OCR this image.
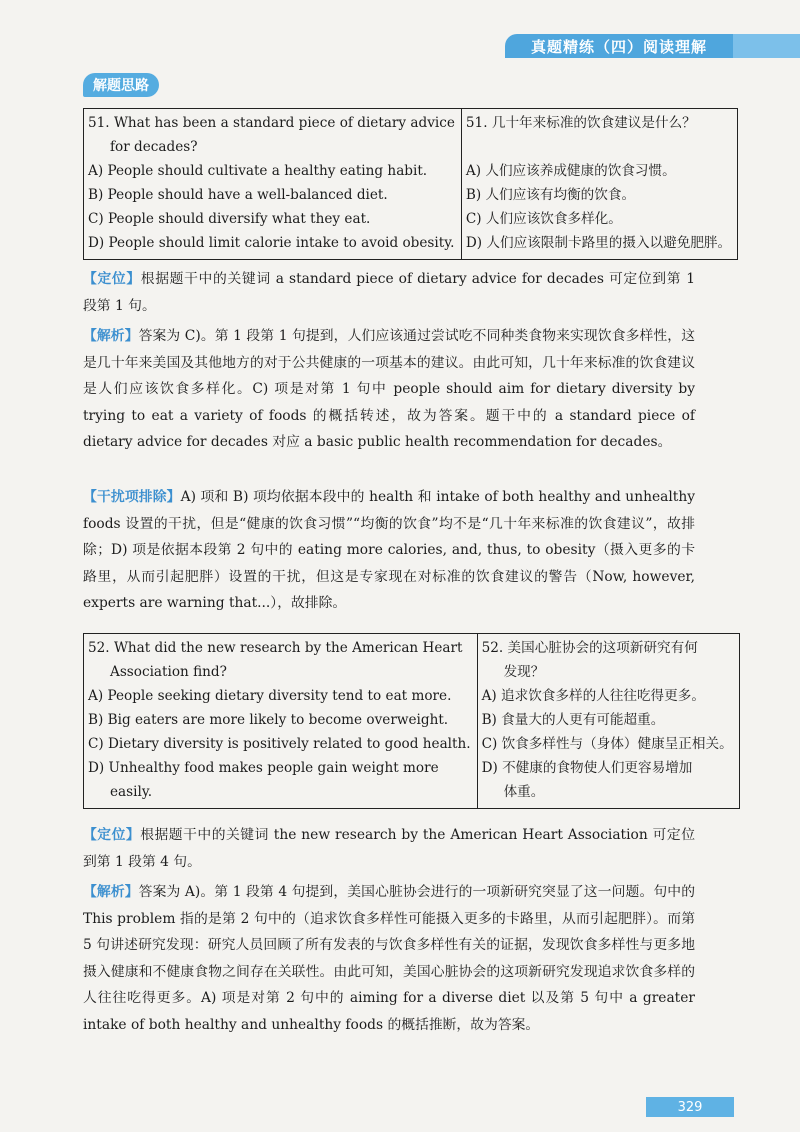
真题精练（四）阅读理解
解题思路
51. What has been a standard piece of dietary advice
for decades?
A) People should cultivate a healthy eating habit.
B) People should have a well-balanced diet.
C) People should diversify what they eat.
D) People should limit calorie intake to avoid obesity.

51. 几十年来标准的饮食建议是什么？

A) 人们应该养成健康的饮食习惯。
B) 人们应该有均衡的饮食。
C) 人们应该饮食多样化。
D) 人们应该限制卡路里的摄入以避免肥胖。
【定位】根据题干中的关键词 a standard piece of dietary advice for decades 可定位到第 1 段第 1 句。
【解析】答案为 C)。第 1 段第 1 句提到，人们应该通过尝试吃不同种类食物来实现饮食多样性，这是几十年来美国及其他地方的对于公共健康的一项基本的建议。由此可知，几十年来标准的饮食建议是人们应该饮食多样化。C) 项是对第 1 句中 people should aim for dietary diversity by trying to eat a variety of foods 的概括转述，故为答案。题干中的 a standard piece of dietary advice for decades 对应 a basic public health recommendation for decades。
【干扰项排除】A) 项和 B) 项均依据本段中的 health 和 intake of both healthy and unhealthy foods 设置的干扰，但是“健康的饮食习惯”“均衡的饮食”均不是“几十年来标准的饮食建议”，故排除；D) 项是依据本段第 2 句中的 eating more calories, and, thus, to obesity（摄入更多的卡路里，从而引起肥胖）设置的干扰，但这是专家现在对标准的饮食建议的警告（Now, however, experts are warning that...），故排除。
52. What did the new research by the American Heart
Association find?
A) People seeking dietary diversity tend to eat more.
B) Big eaters are more likely to become overweight.
C) Dietary diversity is positively related to good health.
D) Unhealthy food makes people gain weight more
easily.

52. 美国心脏协会的这项新研究有何
发现？
A) 追求饮食多样的人往往吃得更多。
B) 食量大的人更有可能超重。
C) 饮食多样性与（身体）健康呈正相关。
D) 不健康的食物使人们更容易增加
体重。
【定位】根据题干中的关键词 the new research by the American Heart Association 可定位到第 1 段第 4 句。
【解析】答案为 A)。第 1 段第 4 句提到，美国心脏协会进行的一项新研究突显了这一问题。句中的 This problem 指的是第 2 句中的（追求饮食多样性可能摄入更多的卡路里，从而引起肥胖）。而第 5 句讲述研究发现：研究人员回顾了所有发表的与饮食多样性有关的证据，发现饮食多样性与更多地摄入健康和不健康食物之间存在关联性。由此可知，美国心脏协会的这项新研究发现追求饮食多样的人往往吃得更多。A) 项是对第 2 句中的 aiming for a diverse diet 以及第 5 句中 a greater intake of both healthy and unhealthy foods 的概括推断，故为答案。
329
